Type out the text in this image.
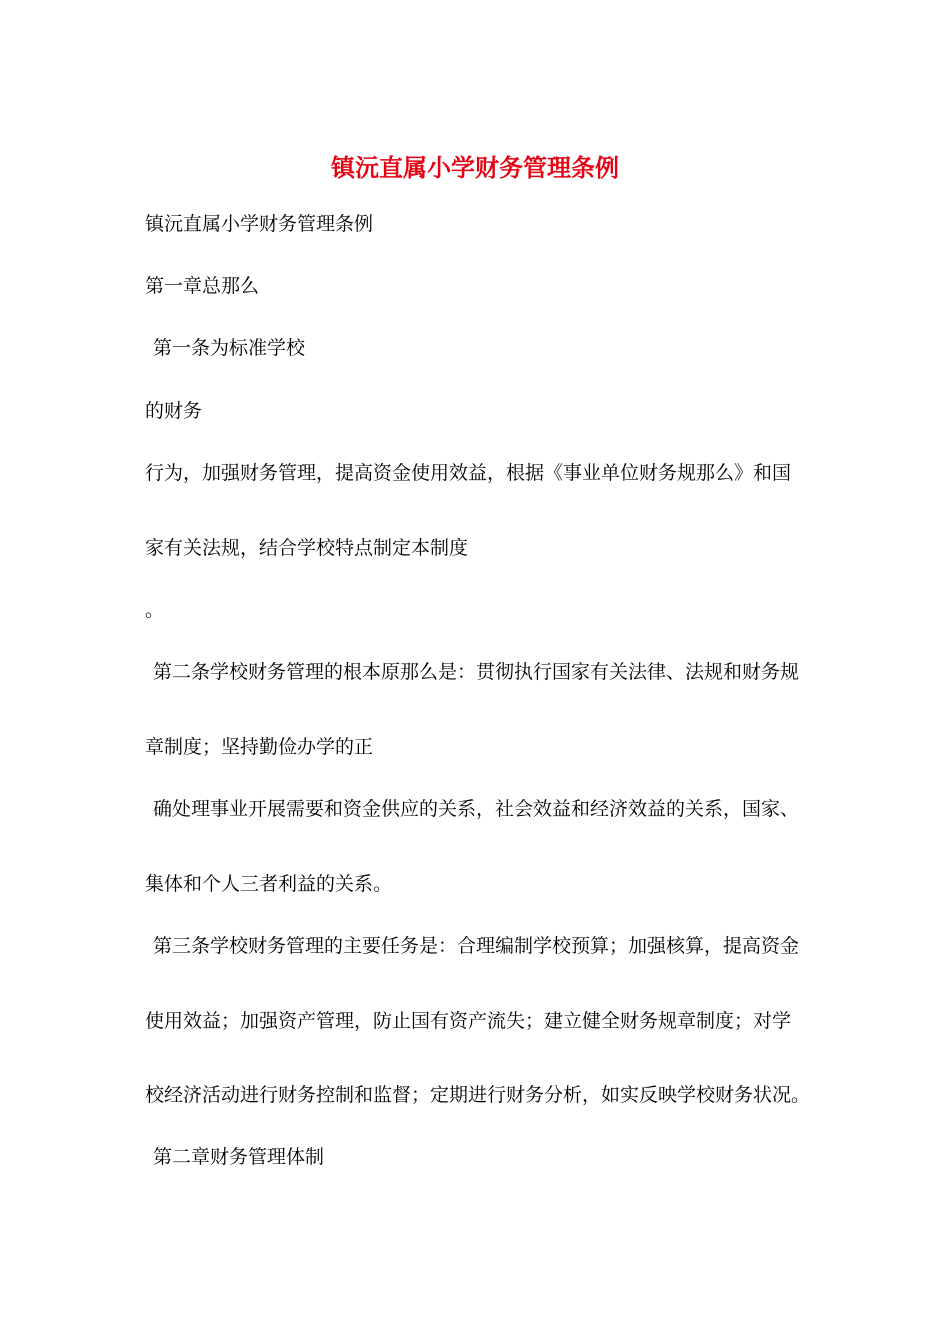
镇沅直属小学财务管理条例
镇沅直属小学财务管理条例
第一章总那么
第一条为标准学校
的财务
行为，加强财务管理，提高资金使用效益，根据《事业单位财务规那么》和国
家有关法规，结合学校特点制定本制度
。
第二条学校财务管理的根本原那么是：贯彻执行国家有关法律、法规和财务规
章制度；坚持勤俭办学的正
确处理事业开展需要和资金供应的关系，社会效益和经济效益的关系，国家、
集体和个人三者利益的关系。
第三条学校财务管理的主要任务是：合理编制学校预算；加强核算，提高资金
使用效益；加强资产管理，防止国有资产流失；建立健全财务规章制度；对学
校经济活动进行财务控制和监督；定期进行财务分析，如实反映学校财务状况。
第二章财务管理体制
